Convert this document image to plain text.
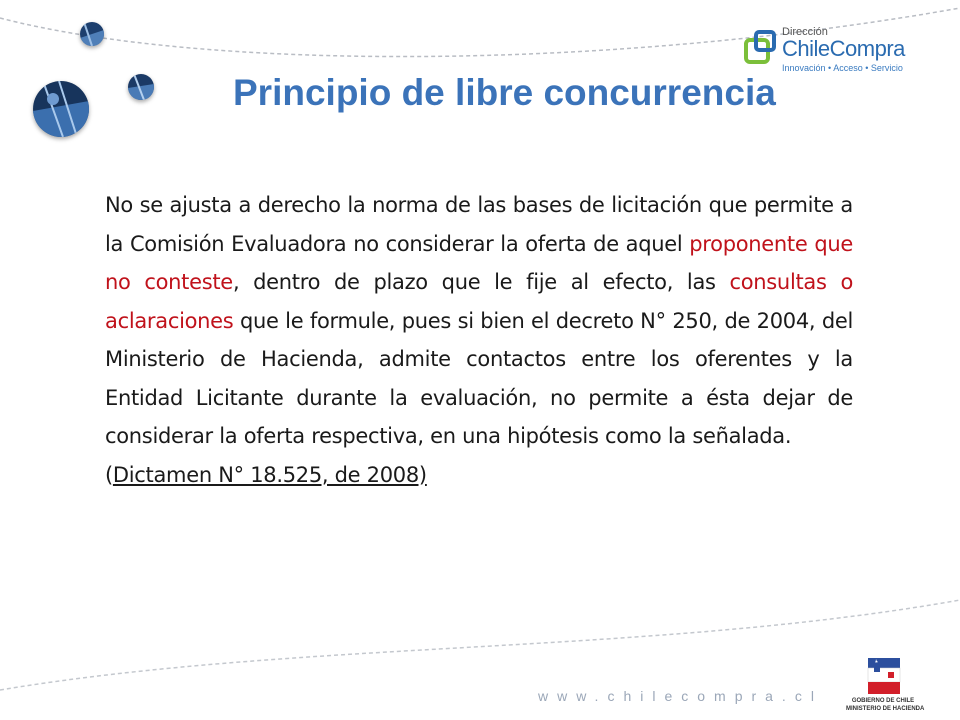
Dirección
ChileCompra
Innovación • Acceso • Servicio
Principio de libre concurrencia
No se ajusta a derecho la norma de las bases de licitación que permite a la Comisión Evaluadora no considerar la oferta de aquel proponente que no conteste, dentro de plazo que le fije al efecto, las consultas o aclaraciones que le formule, pues si bien el decreto N° 250, de 2004, del Ministerio de Hacienda, admite contactos entre los oferentes y la Entidad Licitante durante la evaluación, no permite a ésta dejar de considerar la oferta respectiva, en una hipótesis como la señalada.
(Dictamen N° 18.525, de 2008)
www.chilecompra.cl	GOBIERNO DE CHILE
MINISTERIO DE HACIENDA
